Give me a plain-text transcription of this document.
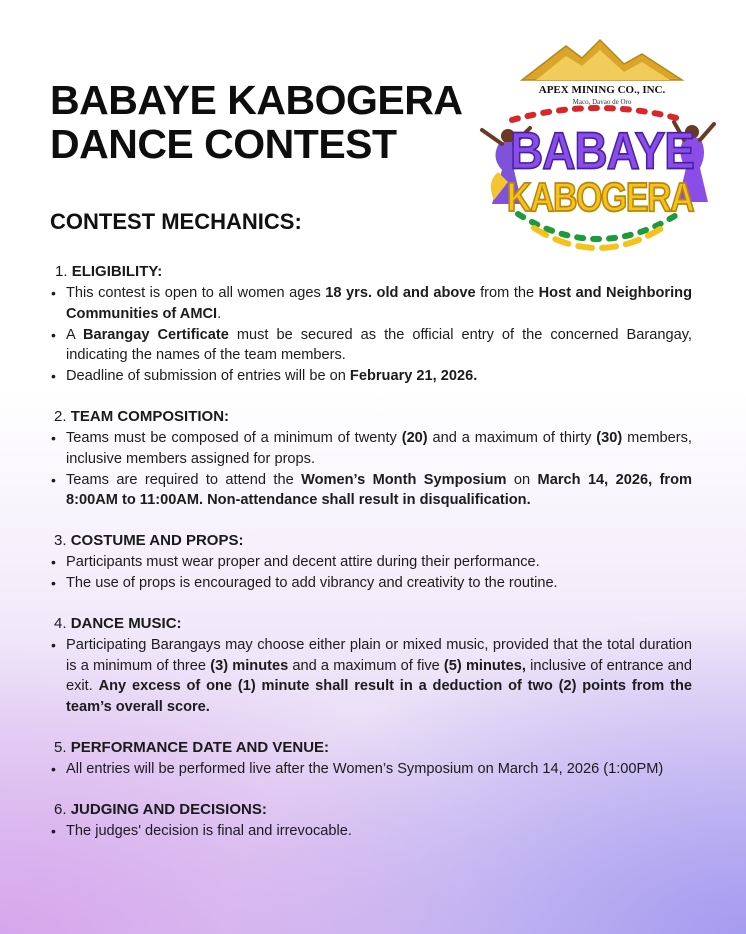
BABAYE KABOGERA
DANCE CONTEST
CONTEST MECHANICS:
APEX MINING CO., INC.
Maco, Davao de Oro
BABAYE
KABOGERA
1. ELIGIBILITY:
• This contest is open to all women ages 18 yrs. old and above from the Host and Neighboring Communities of AMCI.
• A Barangay Certificate must be secured as the official entry of the concerned Barangay, indicating the names of the team members.
• Deadline of submission of entries will be on February 21, 2026.
2. TEAM COMPOSITION:
• Teams must be composed of a minimum of twenty (20) and a maximum of thirty (30) members, inclusive members assigned for props.
• Teams are required to attend the Women’s Month Symposium on March 14, 2026, from 8:00AM to 11:00AM. Non-attendance shall result in disqualification.
3. COSTUME AND PROPS:
• Participants must wear proper and decent attire during their performance.
• The use of props is encouraged to add vibrancy and creativity to the routine.
4. DANCE MUSIC:
• Participating Barangays may choose either plain or mixed music, provided that the total duration is a minimum of three (3) minutes and a maximum of five (5) minutes, inclusive of entrance and exit. Any excess of one (1) minute shall result in a deduction of two (2) points from the team’s overall score.
5. PERFORMANCE DATE AND VENUE:
• All entries will be performed live after the Women’s Symposium on March 14, 2026 (1:00PM)
6. JUDGING AND DECISIONS:
• The judges' decision is final and irrevocable.
